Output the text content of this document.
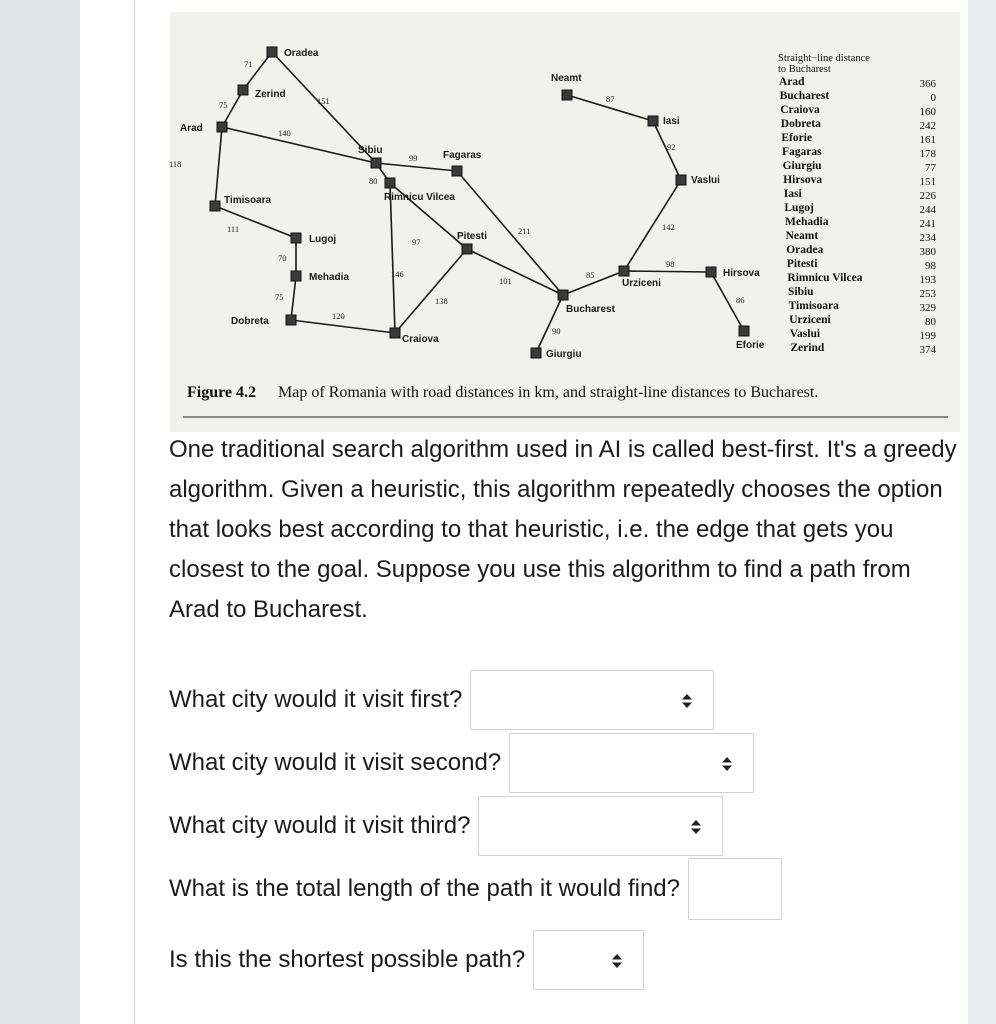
71
75	151
140
118
111
70
75
120
99
80
97
146
138
101
211
90
85
98
86
142
92
87
Oradea
Zerind
Arad
Timisoara
Lugoj
Mehadia
Dobreta
Sibiu
Rimnicu Vilcea
Fagaras
Pitesti
Craiova
Bucharest
Giurgiu
Urziceni
Hirsova
Eforie
Vaslui
Iasi
Neamt
Straight−line distance
to Bucharest
Arad	366
Bucharest	0
Craiova	160
Dobreta	242
Eforie	161
Fagaras	178
Giurgiu	77
Hirsova	151
Iasi	226
Lugoj	244
Mehadia	241
Neamt	234
Oradea	380
Pitesti	98
Rimnicu Vilcea	193
Sibiu	253
Timisoara	329
Urziceni	80
Vaslui	199
Zerind	374
Figure 4.2 Map of Romania with road distances in km, and straight-line distances to Bucharest.
One traditional search algorithm used in AI is called best-first. It's a greedy algorithm. Given a heuristic, this algorithm repeatedly chooses the option that looks best according to that heuristic, i.e. the edge that gets you closest to the goal. Suppose you use this algorithm to find a path from Arad to Bucharest.
What city would it visit first?
What city would it visit second?
What city would it visit third?
What is the total length of the path it would find?
Is this the shortest possible path?
